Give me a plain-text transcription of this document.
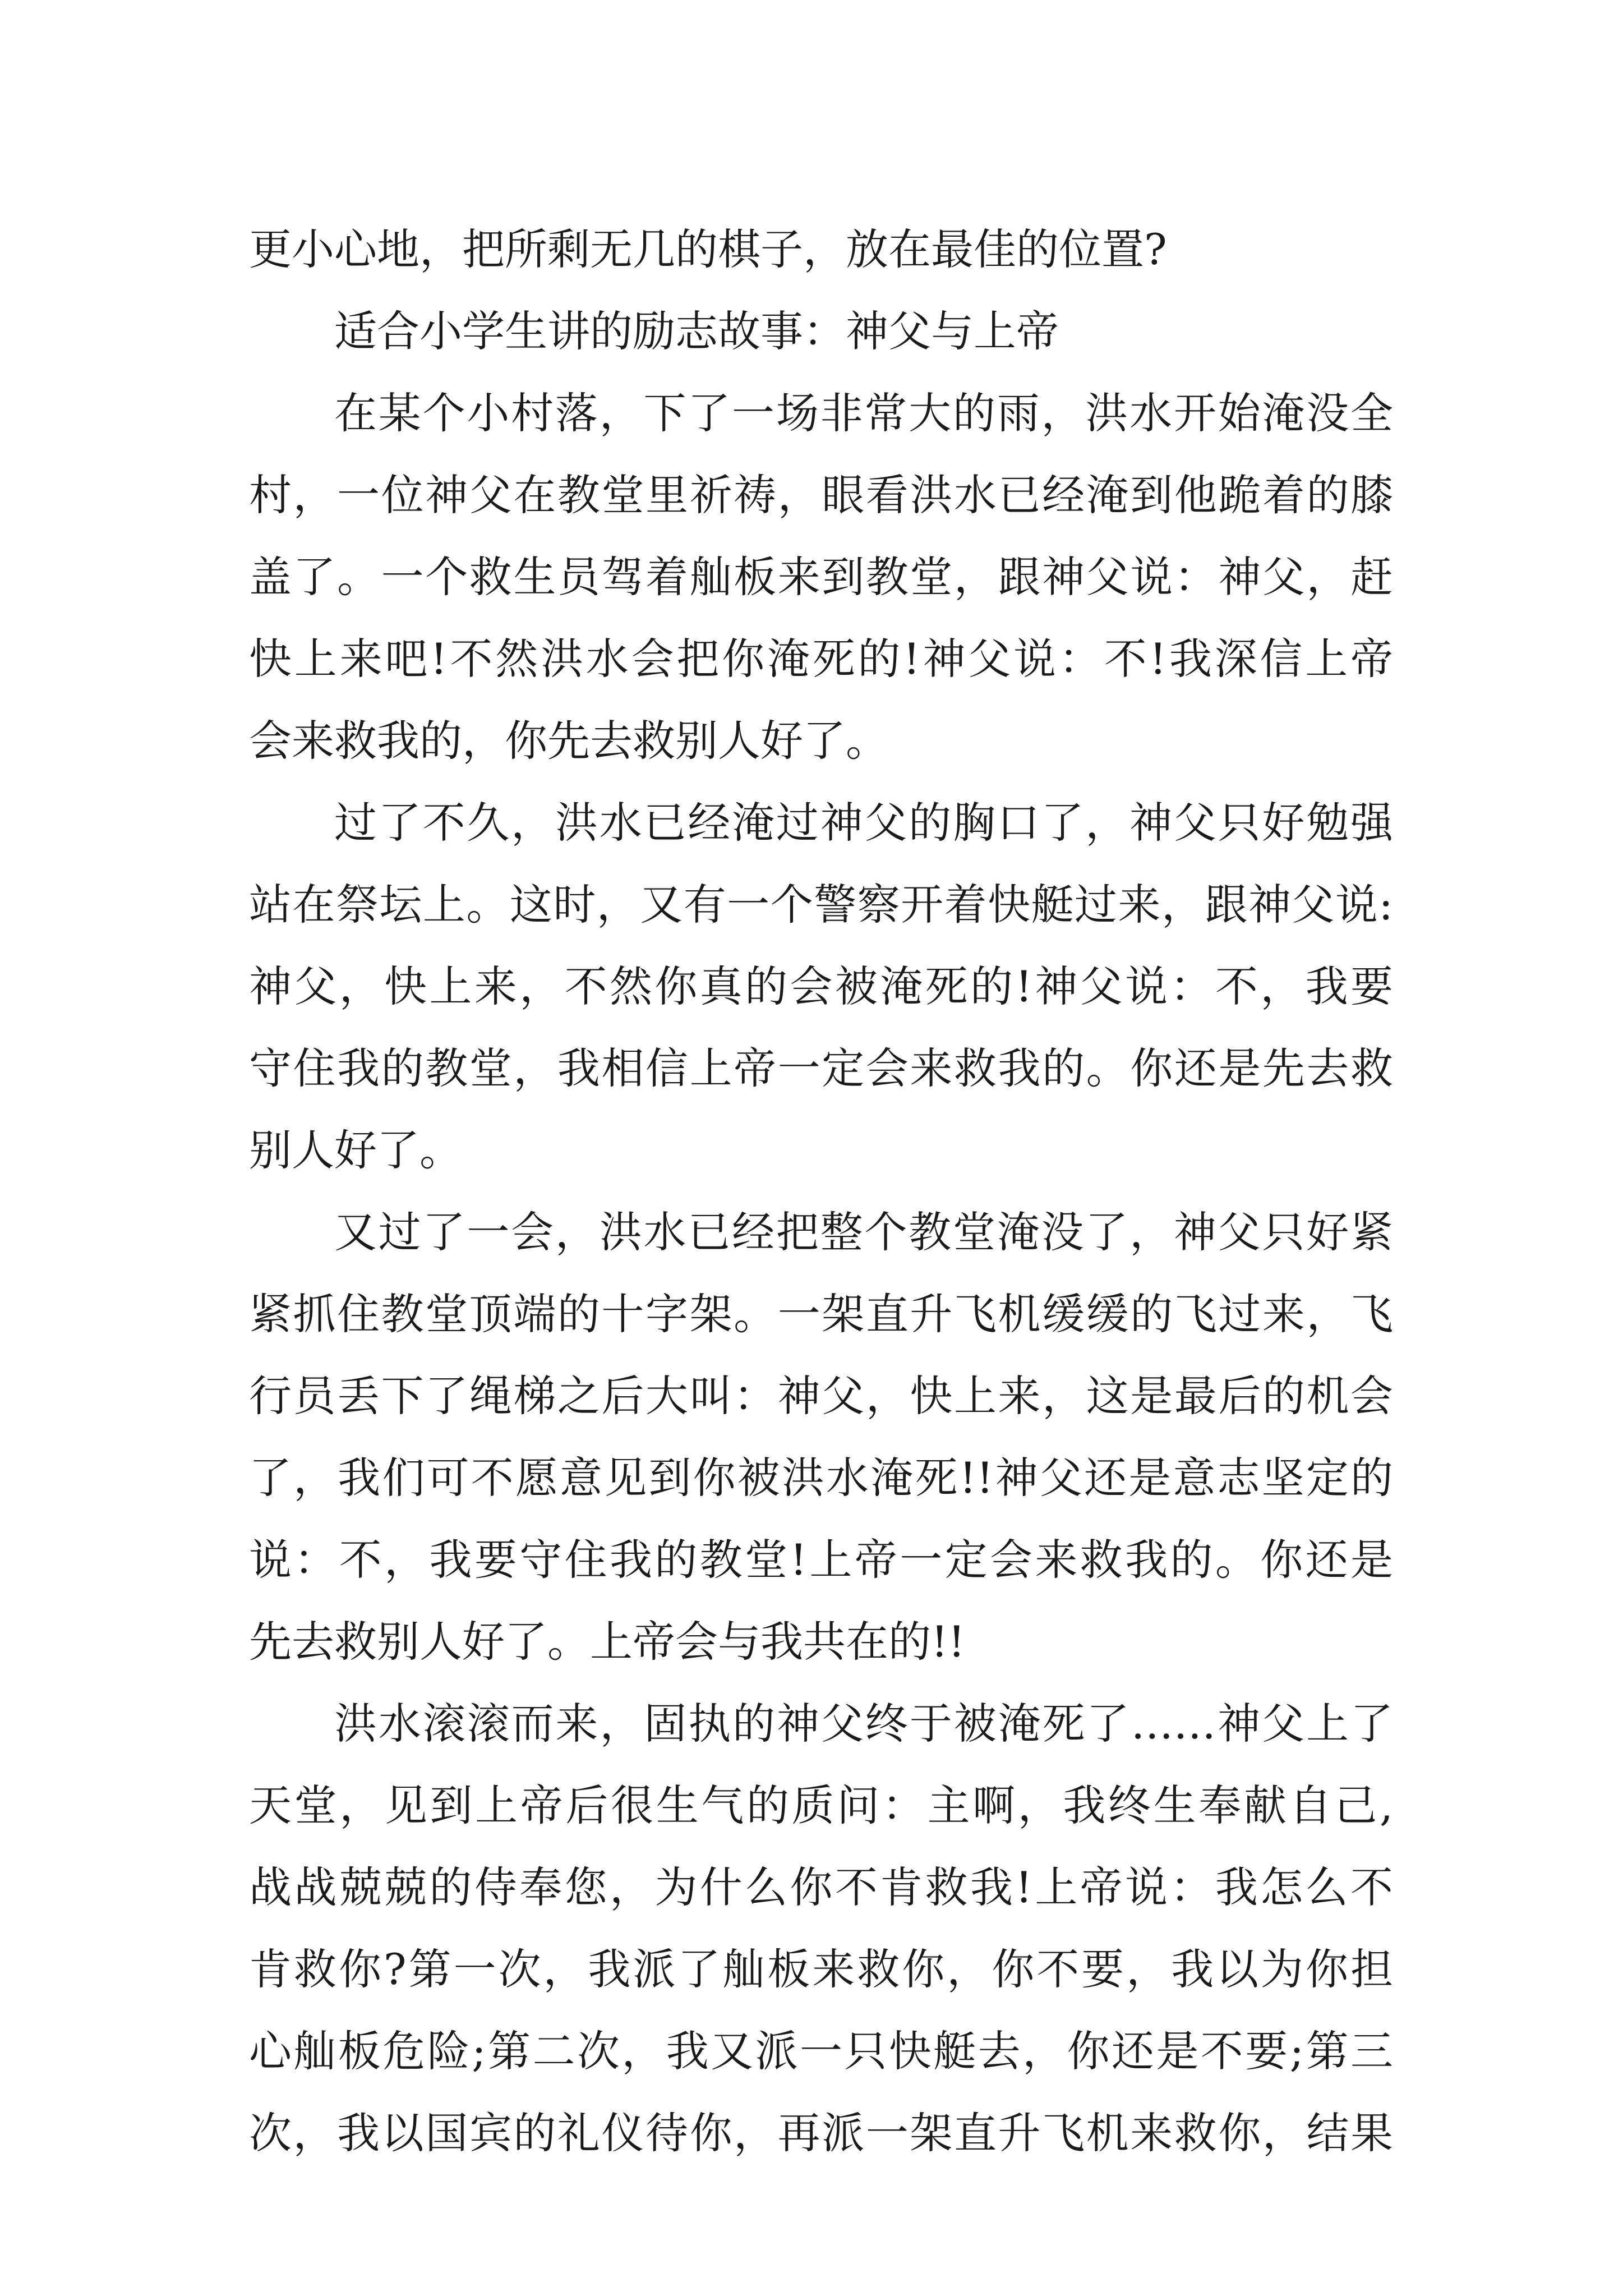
更小心地，把所剩无几的棋子，放在最佳的位置?
适合小学生讲的励志故事：神父与上帝
在某个小村落，下了一场非常大的雨，洪水开始淹没全
村，一位神父在教堂里祈祷，眼看洪水已经淹到他跪着的膝
盖了。一个救生员驾着舢板来到教堂，跟神父说：神父，赶
快上来吧!不然洪水会把你淹死的!神父说：不!我深信上帝
会来救我的，你先去救别人好了。
过了不久，洪水已经淹过神父的胸口了，神父只好勉强
站在祭坛上。这时，又有一个警察开着快艇过来，跟神父说:
神父，快上来，不然你真的会被淹死的!神父说：不，我要
守住我的教堂，我相信上帝一定会来救我的。你还是先去救
别人好了。
又过了一会，洪水已经把整个教堂淹没了，神父只好紧
紧抓住教堂顶端的十字架。一架直升飞机缓缓的飞过来，飞
行员丢下了绳梯之后大叫：神父，快上来，这是最后的机会
了，我们可不愿意见到你被洪水淹死!!神父还是意志坚定的
说：不，我要守住我的教堂!上帝一定会来救我的。你还是
先去救别人好了。上帝会与我共在的!!
洪水滚滚而来，固执的神父终于被淹死了……神父上了
天堂，见到上帝后很生气的质问：主啊，我终生奉献自己,
战战兢兢的侍奉您，为什么你不肯救我!上帝说：我怎么不
肯救你?第一次，我派了舢板来救你，你不要，我以为你担
心舢板危险;第二次，我又派一只快艇去，你还是不要;第三
次，我以国宾的礼仪待你，再派一架直升飞机来救你，结果
